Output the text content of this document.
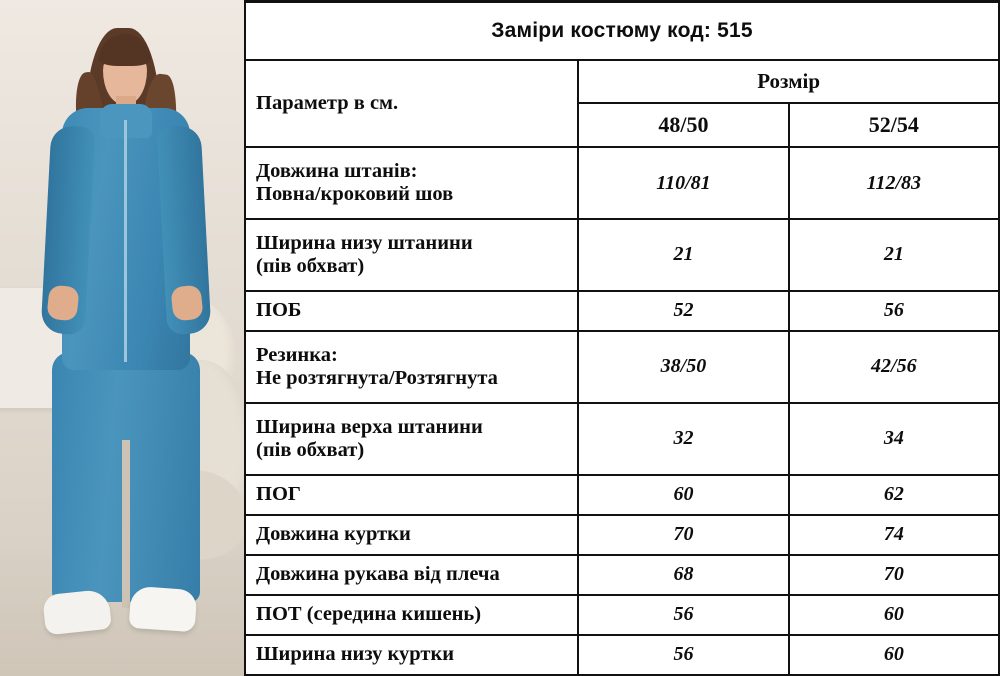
Заміри костюму код: 515		
Параметр в см.	Розмір	
	48/50	52/54

Довжина штанів:
Повна/кроковий шов	110/81	112/83

Ширина низу штанини
(пів обхват)	21	21

ПОБ	52	56

Резинка:
Не розтягнута/Розтягнута	38/50	42/56

Ширина верха штанини
(пів обхват)	32	34

ПОГ	60	62

Довжина куртки	70	74

Довжина рукава від плеча	68	70

ПОТ (середина кишень)	56	60

Ширина низу куртки	56	60
